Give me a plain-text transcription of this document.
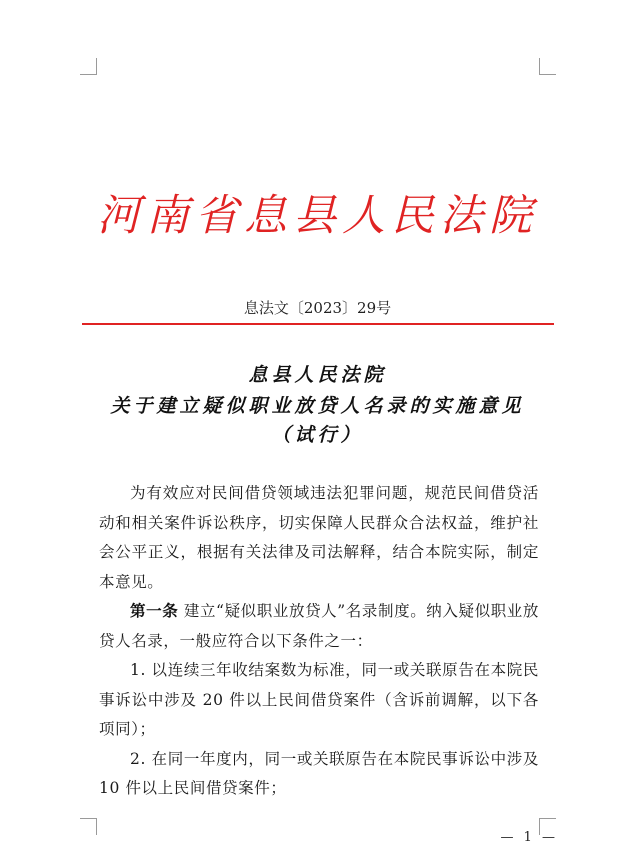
河南省息县人民法院
息法文〔2023〕29号
息县人民法院
关于建立疑似职业放贷人名录的实施意见
（试行）

为有效应对民间借贷领域违法犯罪问题，规范民间借贷活动和相关案件诉讼秩序，切实保障人民群众合法权益，维护社会公平正义，根据有关法律及司法解释，结合本院实际，制定本意见。

第一条 建立“疑似职业放贷人”名录制度。纳入疑似职业放贷人名录，一般应符合以下条件之一：

1. 以连续三年收结案数为标准，同一或关联原告在本院民事诉讼中涉及 20 件以上民间借贷案件（含诉前调解，以下各项同）；

2. 在同一年度内，同一或关联原告在本院民事诉讼中涉及 10 件以上民间借贷案件；

— 1 —
